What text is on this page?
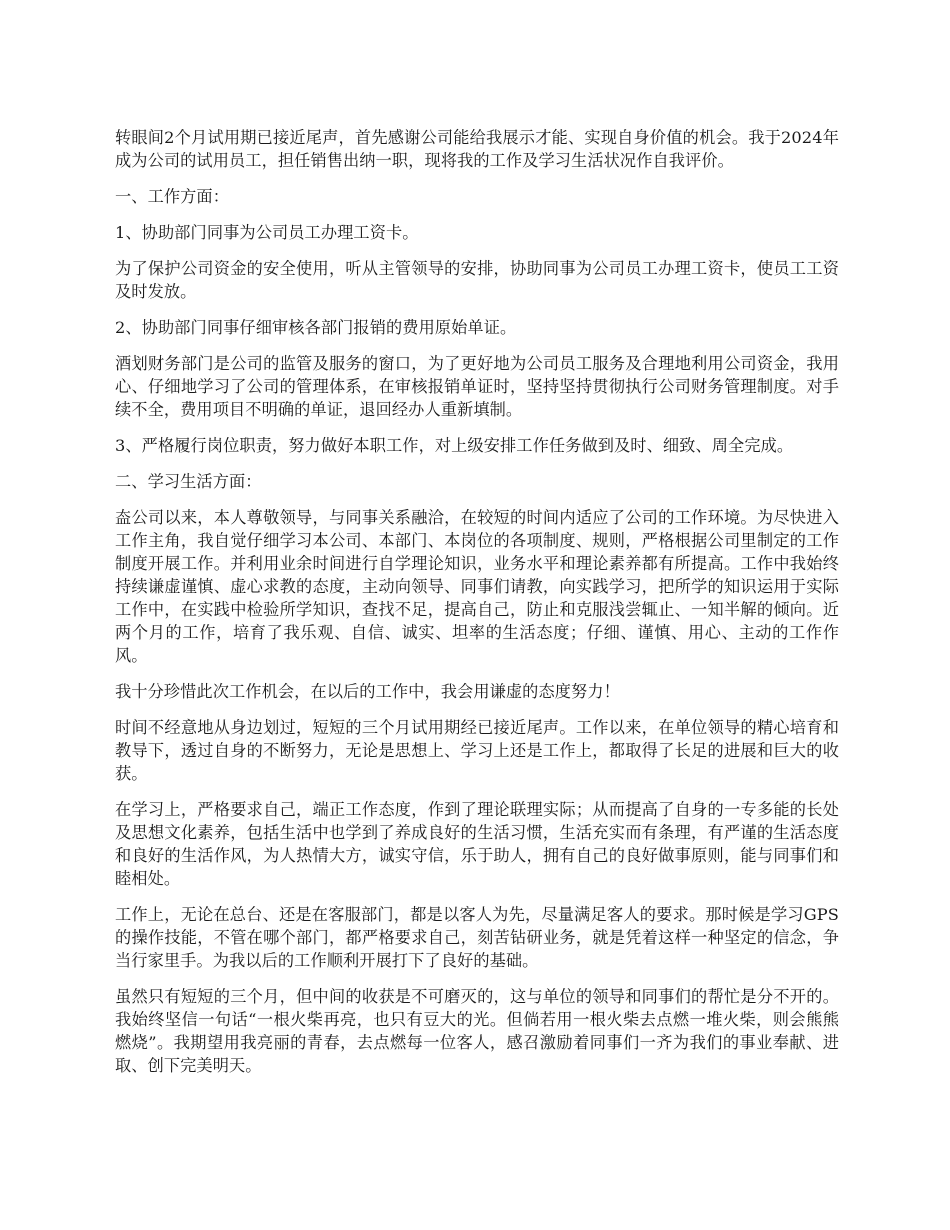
转眼间2个月试用期已接近尾声，首先感谢公司能给我展示才能、实现自身价值的机会。我于2024年成为公司的试用员工，担任销售出纳一职，现将我的工作及学习生活状况作自我评价。

一、工作方面：

1、协助部门同事为公司员工办理工资卡。

为了保护公司资金的安全使用，听从主管领导的安排，协助同事为公司员工办理工资卡，使员工工资及时发放。

2、协助部门同事仔细审核各部门报销的费用原始单证。

酒划财务部门是公司的监管及服务的窗口，为了更好地为公司员工服务及合理地利用公司资金，我用心、仔细地学习了公司的管理体系，在审核报销单证时，坚持坚持贯彻执行公司财务管理制度。对手续不全，费用项目不明确的单证，退回经办人重新填制。

3、严格履行岗位职责，努力做好本职工作，对上级安排工作任务做到及时、细致、周全完成。

二、学习生活方面：

盇公司以来，本人尊敬领导，与同事关系融洽，在较短的时间内适应了公司的工作环境。为尽快进入工作主角，我自觉仔细学习本公司、本部门、本岗位的各项制度、规则，严格根据公司里制定的工作制度开展工作。并利用业余时间进行自学理论知识，业务水平和理论素养都有所提高。工作中我始终持续谦虚谨慎、虚心求教的态度，主动向领导、同事们请教，向实践学习，把所学的知识运用于实际工作中，在实践中检验所学知识，查找不足，提高自己，防止和克服浅尝辄止、一知半解的倾向。近两个月的工作，培育了我乐观、自信、诚实、坦率的生活态度；仔细、谨慎、用心、主动的工作作风。

我十分珍惜此次工作机会，在以后的工作中，我会用谦虚的态度努力！

时间不经意地从身边划过，短短的三个月试用期经已接近尾声。工作以来，在单位领导的精心培育和教导下，透过自身的不断努力，无论是思想上、学习上还是工作上，都取得了长足的进展和巨大的收获。

在学习上，严格要求自己，端正工作态度，作到了理论联理实际；从而提高了自身的一专多能的长处及思想文化素养，包括生活中也学到了养成良好的生活习惯，生活充实而有条理，有严谨的生活态度和良好的生活作风，为人热情大方，诚实守信，乐于助人，拥有自己的良好做事原则，能与同事们和睦相处。

工作上，无论在总台、还是在客服部门，都是以客人为先，尽量满足客人的要求。那时候是学习GPS的操作技能，不管在哪个部门，都严格要求自己，刻苦钻研业务，就是凭着这样一种坚定的信念，争当行家里手。为我以后的工作顺利开展打下了良好的基础。

虽然只有短短的三个月，但中间的收获是不可磨灭的，这与单位的领导和同事们的帮忙是分不开的。我始终坚信一句话“一根火柴再亮，也只有豆大的光。但倘若用一根火柴去点燃一堆火柴，则会熊熊燃烧”。我期望用我亮丽的青春，去点燃每一位客人，感召激励着同事们一齐为我们的事业奉献、进取、创下完美明天。
